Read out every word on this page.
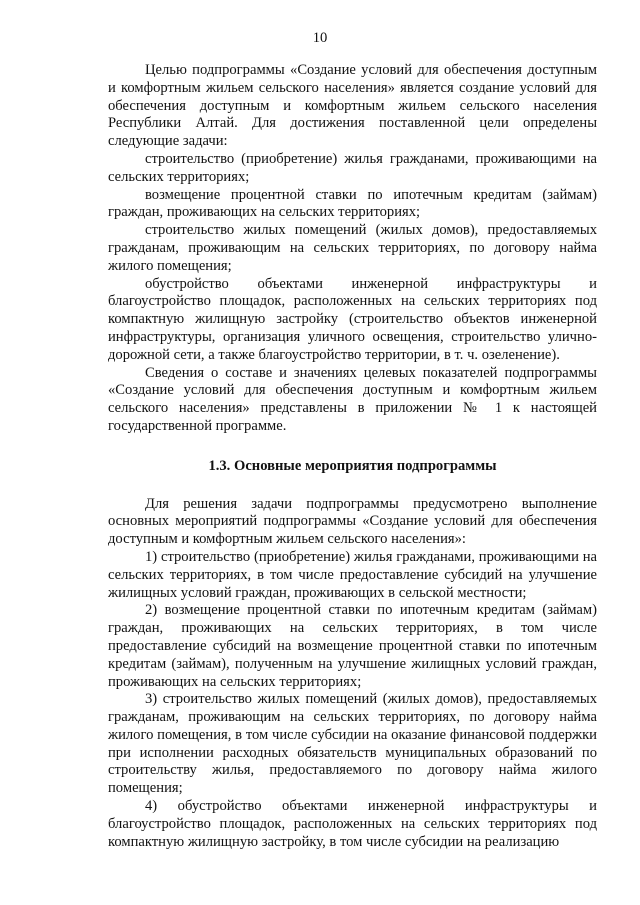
10

Целью подпрограммы «Создание условий для обеспечения доступным и комфортным жильем сельского населения» является создание условий для обеспечения доступным и комфортным жильем сельского населения Республики Алтай. Для достижения поставленной цели определены следующие задачи:

строительство (приобретение) жилья гражданами, проживающими на сельских территориях;

возмещение процентной ставки по ипотечным кредитам (займам) граждан, проживающих на сельских территориях;

строительство жилых помещений (жилых домов), предоставляемых гражданам, проживающим на сельских территориях, по договору найма жилого помещения;

обустройство объектами инженерной инфраструктуры и благоустройство площадок, расположенных на сельских территориях под компактную жилищную застройку (строительство объектов инженерной инфраструктуры, организация уличного освещения, строительство улично-дорожной сети, а также благоустройство территории, в т. ч. озеленение).

Сведения о составе и значениях целевых показателей подпрограммы «Создание условий для обеспечения доступным и комфортным жильем сельского населения» представлены в приложении № 1 к настоящей государственной программе.

1.3. Основные мероприятия подпрограммы

Для решения задачи подпрограммы предусмотрено выполнение основных мероприятий подпрограммы «Создание условий для обеспечения доступным и комфортным жильем сельского населения»:

1) строительство (приобретение) жилья гражданами, проживающими на сельских территориях, в том числе предоставление субсидий на улучшение жилищных условий граждан, проживающих в сельской местности;

2) возмещение процентной ставки по ипотечным кредитам (займам) граждан, проживающих на сельских территориях, в том числе предоставление субсидий на возмещение процентной ставки по ипотечным кредитам (займам), полученным на улучшение жилищных условий граждан, проживающих на сельских территориях;

3) строительство жилых помещений (жилых домов), предоставляемых гражданам, проживающим на сельских территориях, по договору найма жилого помещения, в том числе субсидии на оказание финансовой поддержки при исполнении расходных обязательств муниципальных образований по строительству жилья, предоставляемого по договору найма жилого помещения;

4) обустройство объектами инженерной инфраструктуры и благоустройство площадок, расположенных на сельских территориях под компактную жилищную застройку, в том числе субсидии на реализацию
